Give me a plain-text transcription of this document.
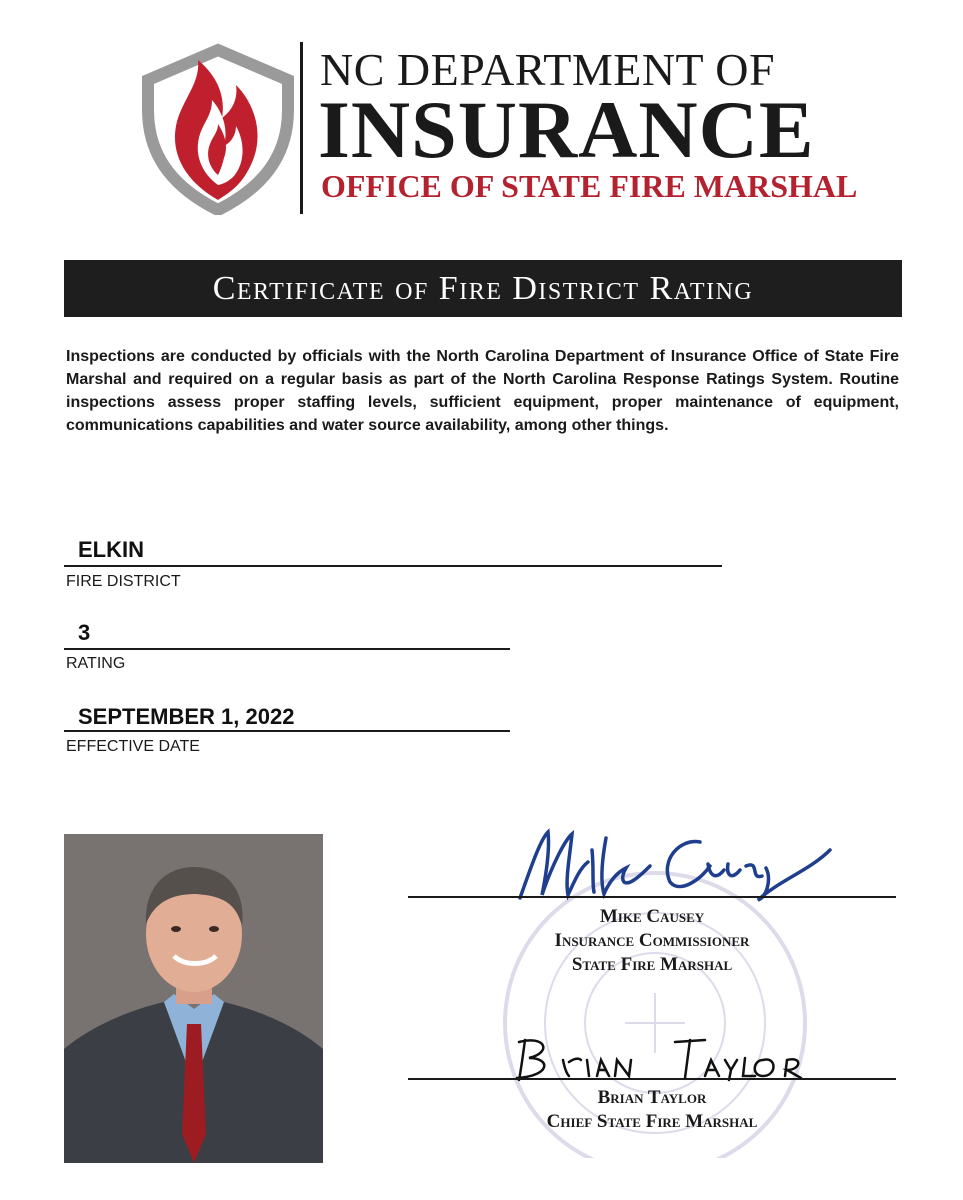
NC DEPARTMENT OF
INSURANCE
OFFICE OF STATE FIRE MARSHAL
Certificate of Fire District Rating
Inspections are conducted by officials with the North Carolina Department of Insurance Office of State Fire Marshal and required on a regular basis as part of the North Carolina Response Ratings System. Routine inspections assess proper staffing levels, sufficient equipment, proper maintenance of equipment, communications capabilities and water source availability, among other things.
ELKIN
FIRE DISTRICT
3
RATING
SEPTEMBER 1, 2022
EFFECTIVE DATE
Mike Causey
Insurance Commissioner
State Fire Marshal
Brian Taylor
Chief State Fire Marshal
